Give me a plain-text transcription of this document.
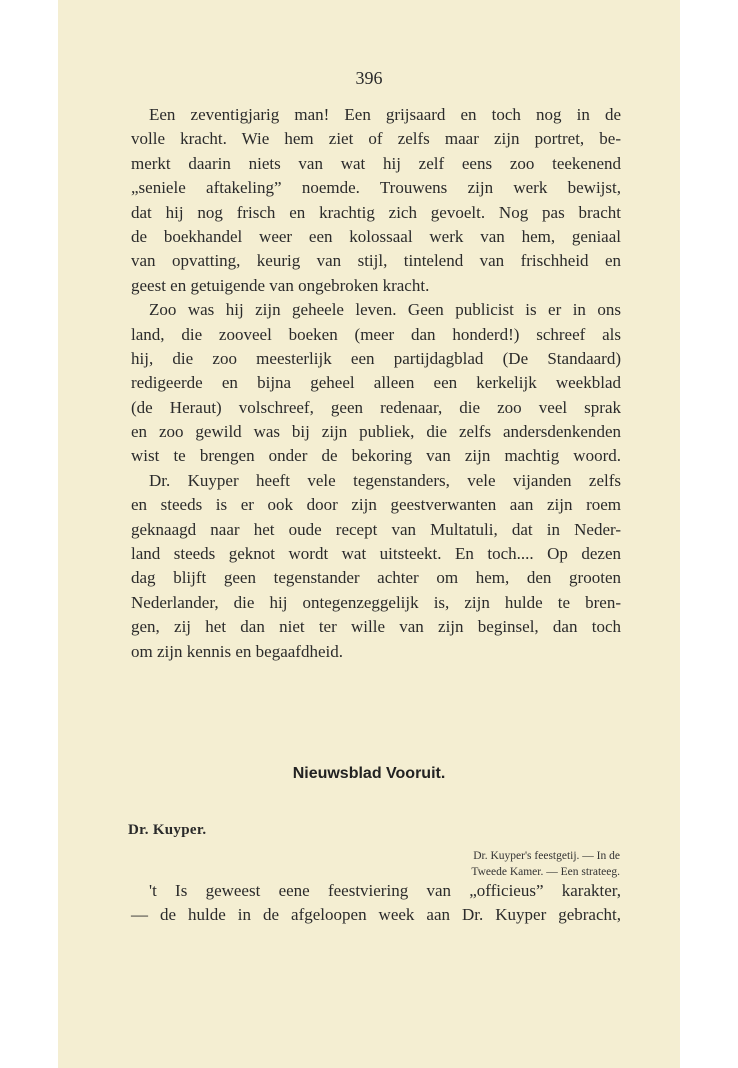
396
Een zeventigjarig man! Een grijsaard en toch nog in de
volle kracht. Wie hem ziet of zelfs maar zijn portret, be-
merkt daarin niets van wat hij zelf eens zoo teekenend
„seniele aftakeling” noemde. Trouwens zijn werk bewijst,
dat hij nog frisch en krachtig zich gevoelt. Nog pas bracht
de boekhandel weer een kolossaal werk van hem, geniaal
van opvatting, keurig van stijl, tintelend van frischheid en
geest en getuigende van ongebroken kracht.
Zoo was hij zijn geheele leven. Geen publicist is er in ons
land, die zooveel boeken (meer dan honderd!) schreef als
hij, die zoo meesterlijk een partijdagblad (De Standaard)
redigeerde en bijna geheel alleen een kerkelijk weekblad
(de Heraut) volschreef, geen redenaar, die zoo veel sprak
en zoo gewild was bij zijn publiek, die zelfs andersdenkenden
wist te brengen onder de bekoring van zijn machtig woord.
Dr. Kuyper heeft vele tegenstanders, vele vijanden zelfs
en steeds is er ook door zijn geestverwanten aan zijn roem
geknaagd naar het oude recept van Multatuli, dat in Neder-
land steeds geknot wordt wat uitsteekt. En toch.... Op dezen
dag blijft geen tegenstander achter om hem, den grooten
Nederlander, die hij ontegenzeggelijk is, zijn hulde te bren-
gen, zij het dan niet ter wille van zijn beginsel, dan toch
om zijn kennis en begaafdheid.
Nieuwsblad Vooruit.
Dr. Kuyper.
Dr. Kuyper's feestgetij. — In de
Tweede Kamer. — Een strateeg.
't Is geweest eene feestviering van „officieus” karakter,
— de hulde in de afgeloopen week aan Dr. Kuyper gebracht,
